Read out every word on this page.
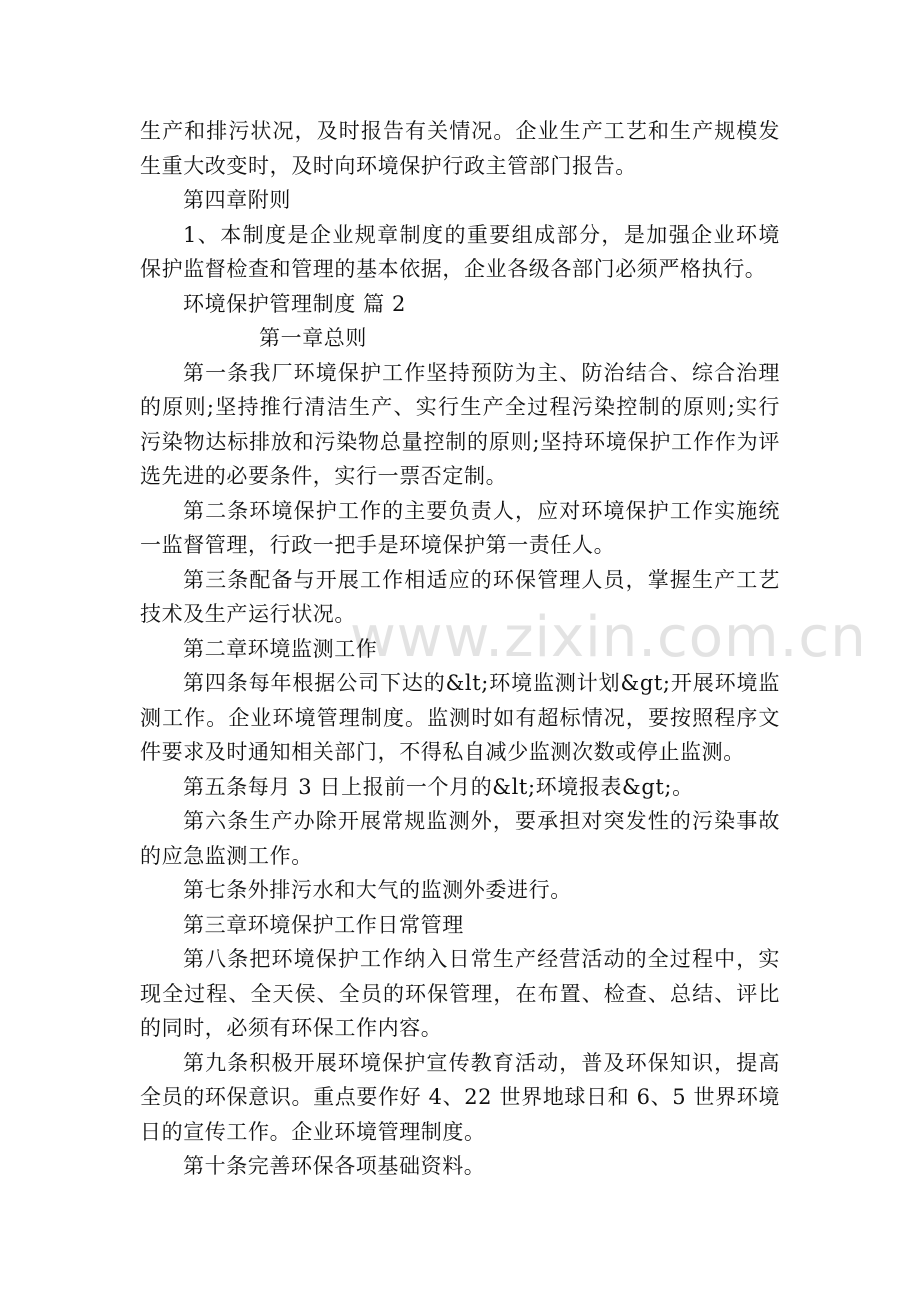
www.zixin.com.cn

生产和排污状况，及时报告有关情况。企业生产工艺和生产规模发生重大改变时，及时向环境保护行政主管部门报告。

第四章附则

1、本制度是企业规章制度的重要组成部分，是加强企业环境保护监督检查和管理的基本依据，企业各级各部门必须严格执行。

环境保护管理制度 篇 2

第一章总则

第一条我厂环境保护工作坚持预防为主、防治结合、综合治理的原则;坚持推行清洁生产、实行生产全过程污染控制的原则;实行污染物达标排放和污染物总量控制的原则;坚持环境保护工作作为评选先进的必要条件，实行一票否定制。

第二条环境保护工作的主要负责人，应对环境保护工作实施统一监督管理，行政一把手是环境保护第一责任人。

第三条配备与开展工作相适应的环保管理人员，掌握生产工艺技术及生产运行状况。

第二章环境监测工作

第四条每年根据公司下达的&lt;环境监测计划&gt;开展环境监测工作。企业环境管理制度。监测时如有超标情况，要按照程序文件要求及时通知相关部门，不得私自减少监测次数或停止监测。

第五条每月 3 日上报前一个月的&lt;环境报表&gt;。

第六条生产办除开展常规监测外，要承担对突发性的污染事故的应急监测工作。

第七条外排污水和大气的监测外委进行。

第三章环境保护工作日常管理

第八条把环境保护工作纳入日常生产经营活动的全过程中，实现全过程、全天侯、全员的环保管理，在布置、检查、总结、评比的同时，必须有环保工作内容。

第九条积极开展环境保护宣传教育活动，普及环保知识，提高全员的环保意识。重点要作好 4、22 世界地球日和 6、5 世界环境日的宣传工作。企业环境管理制度。

第十条完善环保各项基础资料。
